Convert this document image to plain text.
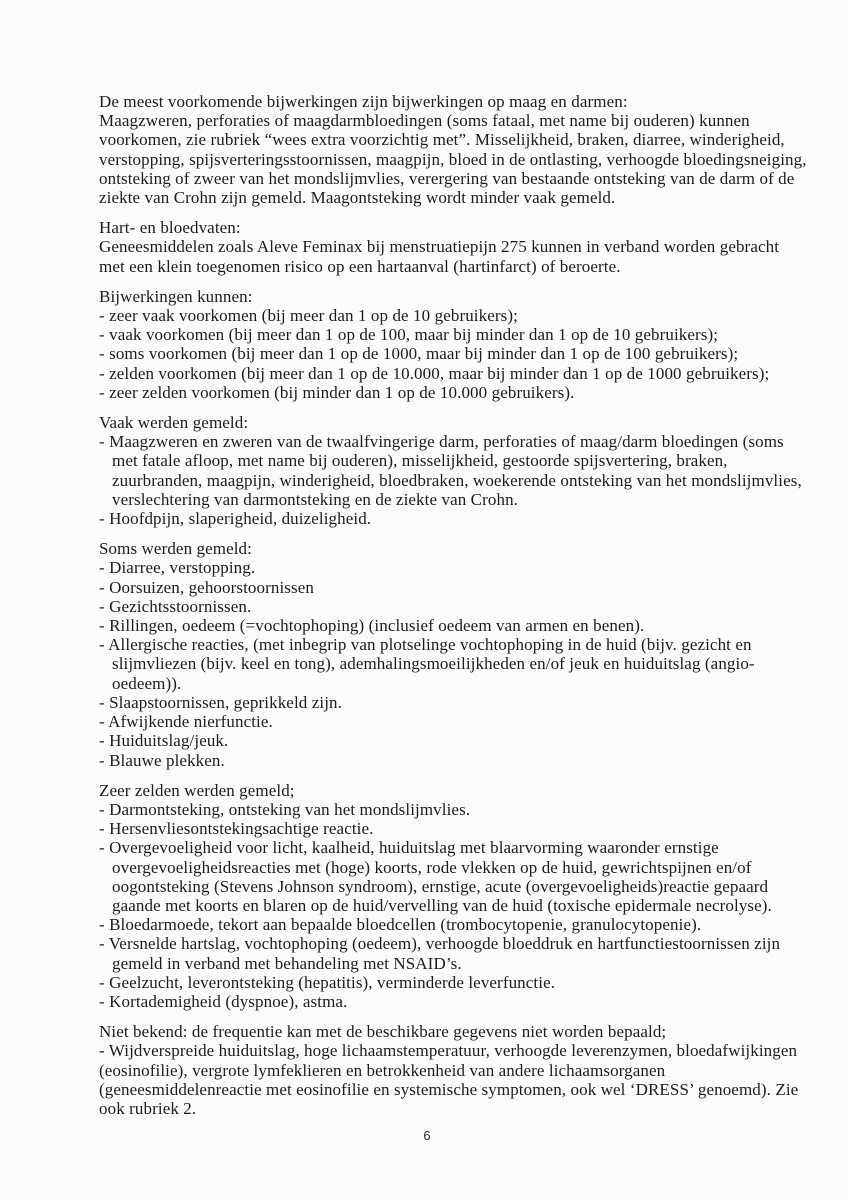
De meest voorkomende bijwerkingen zijn bijwerkingen op maag en darmen:
Maagzweren, perforaties of maagdarmbloedingen (soms fataal, met name bij ouderen) kunnen
voorkomen, zie rubriek “wees extra voorzichtig met”. Misselijkheid, braken, diarree, winderigheid,
verstopping, spijsverteringsstoornissen, maagpijn, bloed in de ontlasting, verhoogde bloedingsneiging,
ontsteking of zweer van het mondslijmvlies, verergering van bestaande ontsteking van de darm of de
ziekte van Crohn zijn gemeld. Maagontsteking wordt minder vaak gemeld.
Hart- en bloedvaten:
Geneesmiddelen zoals Aleve Feminax bij menstruatiepijn 275 kunnen in verband worden gebracht
met een klein toegenomen risico op een hartaanval (hartinfarct) of beroerte.
Bijwerkingen kunnen:
- zeer vaak voorkomen (bij meer dan 1 op de 10 gebruikers);
- vaak voorkomen (bij meer dan 1 op de 100, maar bij minder dan 1 op de 10 gebruikers);
- soms voorkomen (bij meer dan 1 op de 1000, maar bij minder dan 1 op de 100 gebruikers);
- zelden voorkomen (bij meer dan 1 op de 10.000, maar bij minder dan 1 op de 1000 gebruikers);
- zeer zelden voorkomen (bij minder dan 1 op de 10.000 gebruikers).
Vaak werden gemeld:
- Maagzweren en zweren van de twaalfvingerige darm, perforaties of maag/darm bloedingen (soms
met fatale afloop, met name bij ouderen), misselijkheid, gestoorde spijsvertering, braken,
zuurbranden, maagpijn, winderigheid, bloedbraken, woekerende ontsteking van het mondslijmvlies,
verslechtering van darmontsteking en de ziekte van Crohn.
- Hoofdpijn, slaperigheid, duizeligheid.
Soms werden gemeld:
- Diarree, verstopping.
- Oorsuizen, gehoorstoornissen
- Gezichtsstoornissen.
- Rillingen, oedeem (=vochtophoping) (inclusief oedeem van armen en benen).
- Allergische reacties, (met inbegrip van plotselinge vochtophoping in de huid (bijv. gezicht en
slijmvliezen (bijv. keel en tong), ademhalingsmoeilijkheden en/of jeuk en huiduitslag (angio-
oedeem)).
- Slaapstoornissen, geprikkeld zijn.
- Afwijkende nierfunctie.
- Huiduitslag/jeuk.
- Blauwe plekken.
Zeer zelden werden gemeld;
- Darmontsteking, ontsteking van het mondslijmvlies.
- Hersenvliesontstekingsachtige reactie.
- Overgevoeligheid voor licht, kaalheid, huiduitslag met blaarvorming waaronder ernstige
overgevoeligheidsreacties met (hoge) koorts, rode vlekken op de huid, gewrichtspijnen en/of
oogontsteking (Stevens Johnson syndroom), ernstige, acute (overgevoeligheids)reactie gepaard
gaande met koorts en blaren op de huid/vervelling van de huid (toxische epidermale necrolyse).
- Bloedarmoede, tekort aan bepaalde bloedcellen (trombocytopenie, granulocytopenie).
- Versnelde hartslag, vochtophoping (oedeem), verhoogde bloeddruk en hartfunctiestoornissen zijn
gemeld in verband met behandeling met NSAID’s.
- Geelzucht, leverontsteking (hepatitis), verminderde leverfunctie.
- Kortademigheid (dyspnoe), astma.
Niet bekend: de frequentie kan met de beschikbare gegevens niet worden bepaald;
- Wijdverspreide huiduitslag, hoge lichaamstemperatuur, verhoogde leverenzymen, bloedafwijkingen
(eosinofilie), vergrote lymfeklieren en betrokkenheid van andere lichaamsorganen
(geneesmiddelenreactie met eosinofilie en systemische symptomen, ook wel ‘DRESS’ genoemd). Zie
ook rubriek 2.
6
